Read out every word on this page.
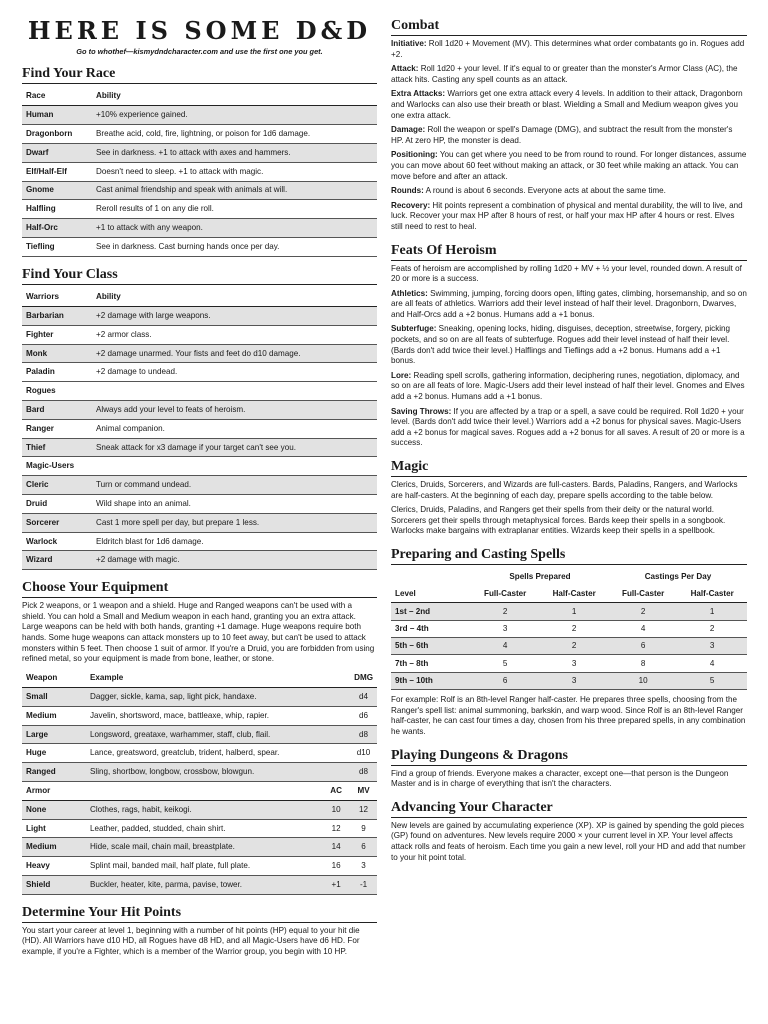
HERE IS SOME D&D
Go to whothef—kismydndcharacter.com and use the first one you get.
Find Your Race
Race	Ability
Human	+10% experience gained.
Dragonborn	Breathe acid, cold, fire, lightning, or poison for 1d6 damage.
Dwarf	See in darkness. +1 to attack with axes and hammers.
Elf/Half-Elf	Doesn't need to sleep. +1 to attack with magic.
Gnome	Cast animal friendship and speak with animals at will.
Halfling	Reroll results of 1 on any die roll.
Half-Orc	+1 to attack with any weapon.
Tiefling	See in darkness. Cast burning hands once per day.
Find Your Class
Warriors	Ability
Barbarian	+2 damage with large weapons.
Fighter	+2 armor class.
Monk	+2 damage unarmed. Your fists and feet do d10 damage.
Paladin	+2 damage to undead.
Rogues	
Bard	Always add your level to feats of heroism.
Ranger	Animal companion.
Thief	Sneak attack for x3 damage if your target can't see you.
Magic-Users	
Cleric	Turn or command undead.
Druid	Wild shape into an animal.
Sorcerer	Cast 1 more spell per day, but prepare 1 less.
Warlock	Eldritch blast for 1d6 damage.
Wizard	+2 damage with magic.
Choose Your Equipment

Pick 2 weapons, or 1 weapon and a shield. Huge and Ranged weapons can't be used with a shield. You can hold a Small and Medium weapon in each hand, granting you an extra attack. Large weapons can be held with both hands, granting +1 damage. Huge weapons require both hands. Some huge weapons can attack monsters up to 10 feet away, but can't be used to attack monsters within 5 feet. Then choose 1 suit of armor. If you're a Druid, you are forbidden from using refined metal, so your equipment is made from bone, leather, or stone.

Weapon	Example		DMG
Small	Dagger, sickle, kama, sap, light pick, handaxe.		d4
Medium	Javelin, shortsword, mace, battleaxe, whip, rapier.		d6
Large	Longsword, greataxe, warhammer, staff, club, flail.		d8
Huge	Lance, greatsword, greatclub, trident, halberd, spear.		d10
Ranged	Sling, shortbow, longbow, crossbow, blowgun.		d8
Armor		AC	MV
None	Clothes, rags, habit, keikogi.	10	12
Light	Leather, padded, studded, chain shirt.	12	9
Medium	Hide, scale mail, chain mail, breastplate.	14	6
Heavy	Splint mail, banded mail, half plate, full plate.	16	3
Shield	Buckler, heater, kite, parma, pavise, tower.	+1	-1
Determine Your Hit Points

You start your career at level 1, beginning with a number of hit points (HP) equal to your hit die (HD). All Warriors have d10 HD, all Rogues have d8 HD, and all Magic-Users have d6 HD. For example, if you're a Fighter, which is a member of the Warrior group, you begin with 10 HP.

Combat

Initiative: Roll 1d20 + Movement (MV). This determines what order combatants go in. Rogues add +2.

Attack: Roll 1d20 + your level. If it's equal to or greater than the monster's Armor Class (AC), the attack hits. Casting any spell counts as an attack.

Extra Attacks: Warriors get one extra attack every 4 levels. In addition to their attack, Dragonborn and Warlocks can also use their breath or blast. Wielding a Small and Medium weapon gives you one extra attack.

Damage: Roll the weapon or spell's Damage (DMG), and subtract the result from the monster's HP. At zero HP, the monster is dead.

Positioning: You can get where you need to be from round to round. For longer distances, assume you can move about 60 feet without making an attack, or 30 feet while making an attack. You can move before and after an attack.

Rounds: A round is about 6 seconds. Everyone acts at about the same time.

Recovery: Hit points represent a combination of physical and mental durability, the will to live, and luck. Recover your max HP after 8 hours of rest, or half your max HP after 4 hours or rest. Elves still need to rest to heal.

Feats Of Heroism

Feats of heroism are accomplished by rolling 1d20 + MV + ½ your level, rounded down. A result of 20 or more is a success.

Athletics: Swimming, jumping, forcing doors open, lifting gates, climbing, horsemanship, and so on are all feats of athletics. Warriors add their level instead of half their level. Dragonborn, Dwarves, and Half-Orcs add a +2 bonus. Humans add a +1 bonus.

Subterfuge: Sneaking, opening locks, hiding, disguises, deception, streetwise, forgery, picking pockets, and so on are all feats of subterfuge. Rogues add their level instead of half their level. (Bards don't add twice their level.) Halflings and Tieflings add a +2 bonus. Humans add a +1 bonus.

Lore: Reading spell scrolls, gathering information, deciphering runes, negotiation, diplomacy, and so on are all feats of lore. Magic-Users add their level instead of half their level. Gnomes and Elves add a +2 bonus. Humans add a +1 bonus.

Saving Throws: If you are affected by a trap or a spell, a save could be required. Roll 1d20 + your level. (Bards don't add twice their level.) Warriors add a +2 bonus for physical saves. Magic-Users add a +2 bonus for magical saves. Rogues add a +2 bonus for all saves. A result of 20 or more is a success.

Magic

Clerics, Druids, Sorcerers, and Wizards are full-casters. Bards, Paladins, Rangers, and Warlocks are half-casters. At the beginning of each day, prepare spells according to the table below.

Clerics, Druids, Paladins, and Rangers get their spells from their deity or the natural world. Sorcerers get their spells through metaphysical forces. Bards keep their spells in a songbook. Warlocks make bargains with extraplanar entities. Wizards keep their spells in a spellbook.

Preparing and Casting Spells
	Spells Prepared		Castings Per Day	
Level	Full-Caster	Half-Caster	Full-Caster	Half-Caster
1st – 2nd	2	1	2	1
3rd – 4th	3	2	4	2
5th – 6th	4	2	6	3
7th – 8th	5	3	8	4
9th – 10th	6	3	10	5

For example: Rolf is an 8th-level Ranger half-caster. He prepares three spells, choosing from the Ranger's spell list: animal summoning, barkskin, and warp wood. Since Rolf is an 8th-level Ranger half-caster, he can cast four times a day, chosen from his three prepared spells, in any combination he wants.

Playing Dungeons & Dragons

Find a group of friends. Everyone makes a character, except one—that person is the Dungeon Master and is in charge of everything that isn't the characters.

Advancing Your Character

New levels are gained by accumulating experience (XP). XP is gained by spending the gold pieces (GP) found on adventures. New levels require 2000 × your current level in XP. Your level affects attack rolls and feats of heroism. Each time you gain a new level, roll your HD and add that number to your hit point total.
